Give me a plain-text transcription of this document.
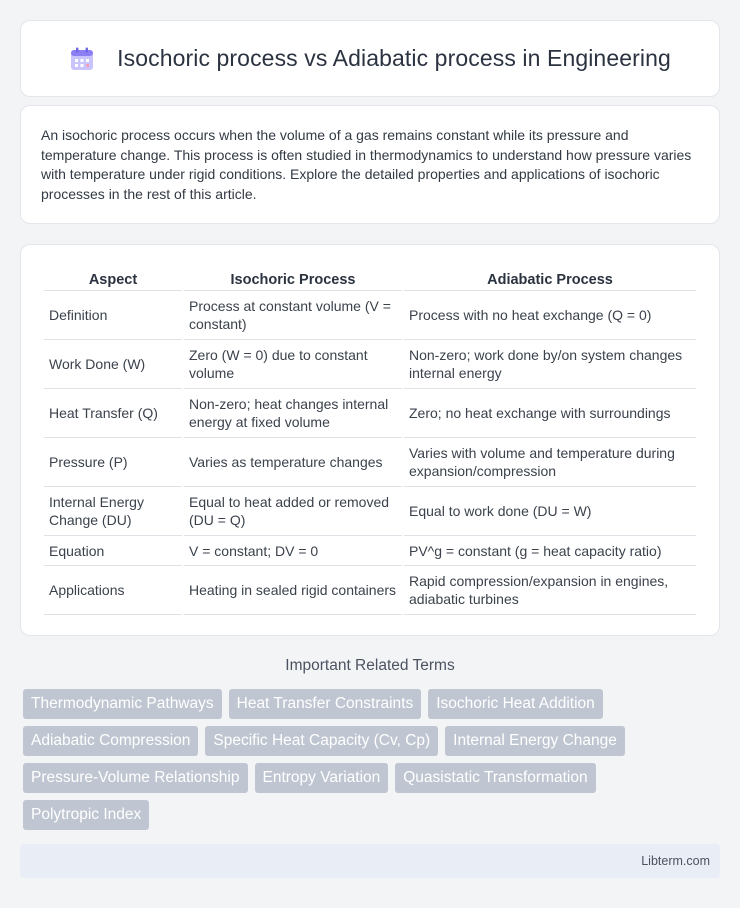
Isochoric process vs Adiabatic process in Engineering

An isochoric process occurs when the volume of a gas remains constant while its pressure and temperature change. This process is often studied in thermodynamics to understand how pressure varies with temperature under rigid conditions. Explore the detailed properties and applications of isochoric processes in the rest of this article.

Aspect	Isochoric Process	Adiabatic Process
Definition	Process at constant volume (V = constant)	Process with no heat exchange (Q = 0)
Work Done (W)	Zero (W = 0) due to constant volume	Non-zero; work done by/on system changes internal energy
Heat Transfer (Q)	Non-zero; heat changes internal energy at fixed volume	Zero; no heat exchange with surroundings
Pressure (P)	Varies as temperature changes	Varies with volume and temperature during expansion/compression
Internal Energy Change (DU)	Equal to heat added or removed (DU = Q)	Equal to work done (DU = W)
Equation	V = constant; DV = 0	PV^g = constant (g = heat capacity ratio)
Applications	Heating in sealed rigid containers	Rapid compression/expansion in engines, adiabatic turbines
Important Related Terms
Thermodynamic Pathways	Heat Transfer Constraints	Isochoric Heat Addition
Adiabatic Compression	Specific Heat Capacity (Cv, Cp)	Internal Energy Change
Pressure-Volume Relationship	Entropy Variation	Quasistatic Transformation
Polytropic Index
Libterm.com
